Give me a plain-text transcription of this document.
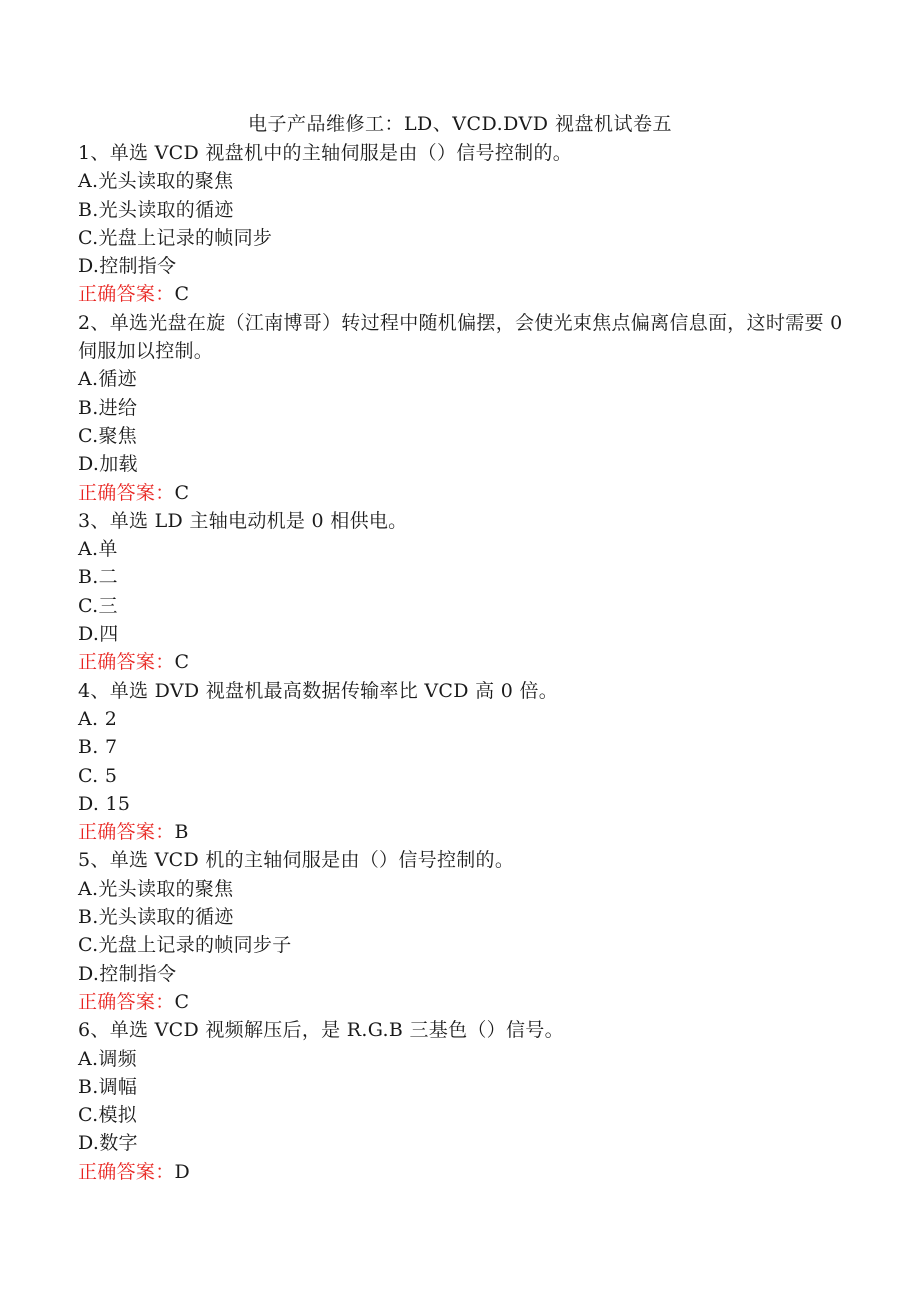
电子产品维修工：LD、VCD.DVD 视盘机试卷五
1、单选 VCD 视盘机中的主轴伺服是由（）信号控制的。
A.光头读取的聚焦
B.光头读取的循迹
C.光盘上记录的帧同步
D.控制指令
正确答案：C
2、单选光盘在旋（江南博哥）转过程中随机偏摆，会使光束焦点偏离信息面，这时需要 0 伺服加以控制。
A.循迹
B.进给
C.聚焦
D.加载
正确答案：C
3、单选 LD 主轴电动机是 0 相供电。
A.单
B.二
C.三
D.四
正确答案：C
4、单选 DVD 视盘机最高数据传输率比 VCD 高 0 倍。
A. 2
B. 7
C. 5
D. 15
正确答案：B
5、单选 VCD 机的主轴伺服是由（）信号控制的。
A.光头读取的聚焦
B.光头读取的循迹
C.光盘上记录的帧同步子
D.控制指令
正确答案：C
6、单选 VCD 视频解压后，是 R.G.B 三基色（）信号。
A.调频
B.调幅
C.模拟
D.数字
正确答案：D
